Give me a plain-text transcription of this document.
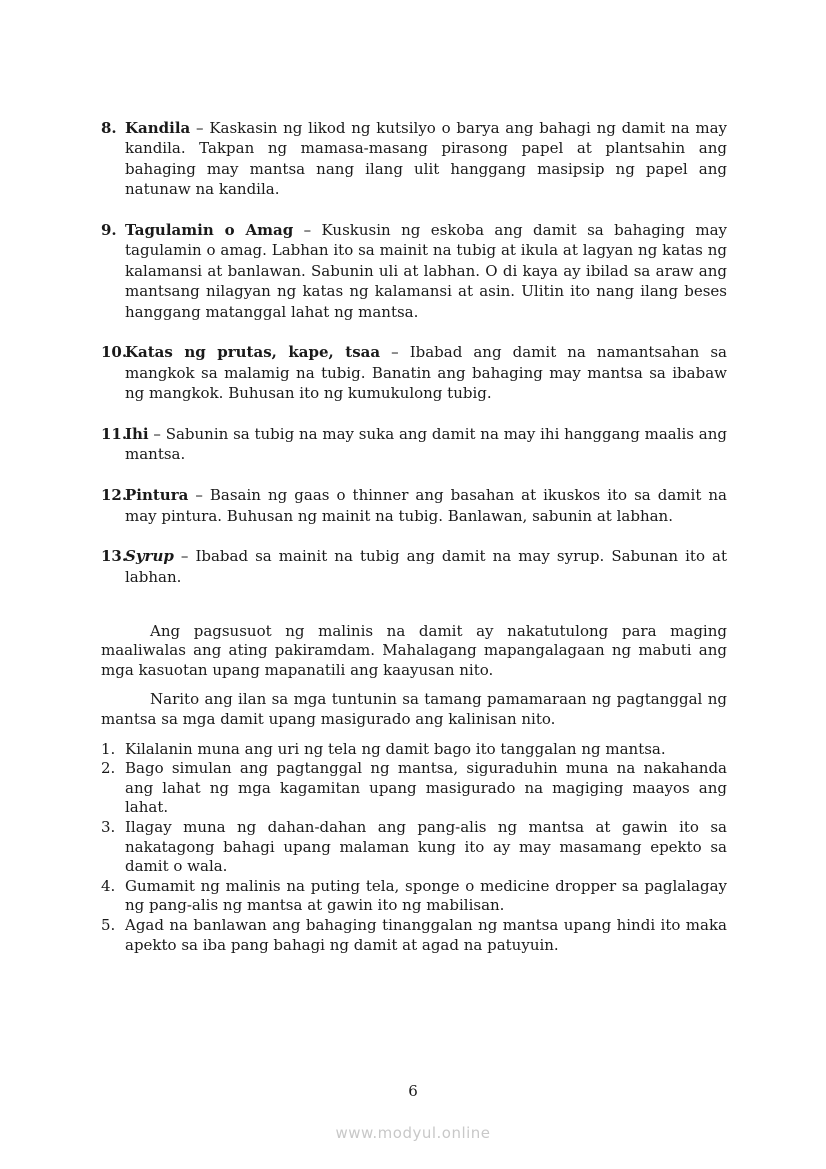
8. Kandila – Kaskasin ng likod ng kutsilyo o barya ang bahagi ng damit na may kandila. Takpan ng mamasa-masang pirasong papel at plantsahin ang bahaging may mantsa nang ilang ulit hanggang masipsip ng papel ang natunaw na kandila.
9. Tagulamin o Amag – Kuskusin ng eskoba ang damit sa bahaging may tagulamin o amag. Labhan ito sa mainit na tubig at ikula at lagyan ng katas ng kalamansi at banlawan. Sabunin uli at labhan. O di kaya ay ibilad sa araw ang mantsang nilagyan ng katas ng kalamansi at asin. Ulitin ito nang ilang beses hanggang matanggal lahat ng mantsa.
10.
Katas ng prutas, kape, tsaa – Ibabad ang damit na namantsahan sa mangkok sa malamig na tubig. Banatin ang bahaging may mantsa sa ibabaw ng mangkok. Buhusan ito ng kumukulong tubig.
11.
Ihi – Sabunin sa tubig na may suka ang damit na may ihi hanggang maalis ang mantsa.
12.
Pintura – Basain ng gaas o thinner ang basahan at ikuskos ito sa damit na may pintura. Buhusan ng mainit na tubig. Banlawan, sabunin at labhan.
13.
Syrup – Ibabad sa mainit na tubig ang damit na may syrup. Sabunan ito at labhan.

Ang pagsusuot ng malinis na damit ay nakatutulong para maging maaliwalas ang ating pakiramdam. Mahalagang mapangalagaan ng mabuti ang mga kasuotan upang mapanatili ang kaayusan nito.

Narito ang ilan sa mga tuntunin sa tamang pamamaraan ng pagtanggal ng mantsa sa mga damit upang masigurado ang kalinisan nito.

1. Kilalanin muna ang uri ng tela ng damit bago ito tanggalan ng mantsa.
2. Bago simulan ang pagtanggal ng mantsa, siguraduhin muna na nakahanda ang lahat ng mga kagamitan upang masigurado na magiging maayos ang lahat.
3. Ilagay muna ng dahan-dahan ang pang-alis ng mantsa at gawin ito sa nakatagong bahagi upang malaman kung ito ay may masamang epekto sa damit o wala.
4. Gumamit ng malinis na puting tela, sponge o medicine dropper sa paglalagay ng pang-alis ng mantsa at gawin ito ng mabilisan.
5. Agad na banlawan ang bahaging tinanggalan ng mantsa upang hindi ito maka apekto sa iba pang bahagi ng damit at agad na patuyuin.
6
www.modyul.online
